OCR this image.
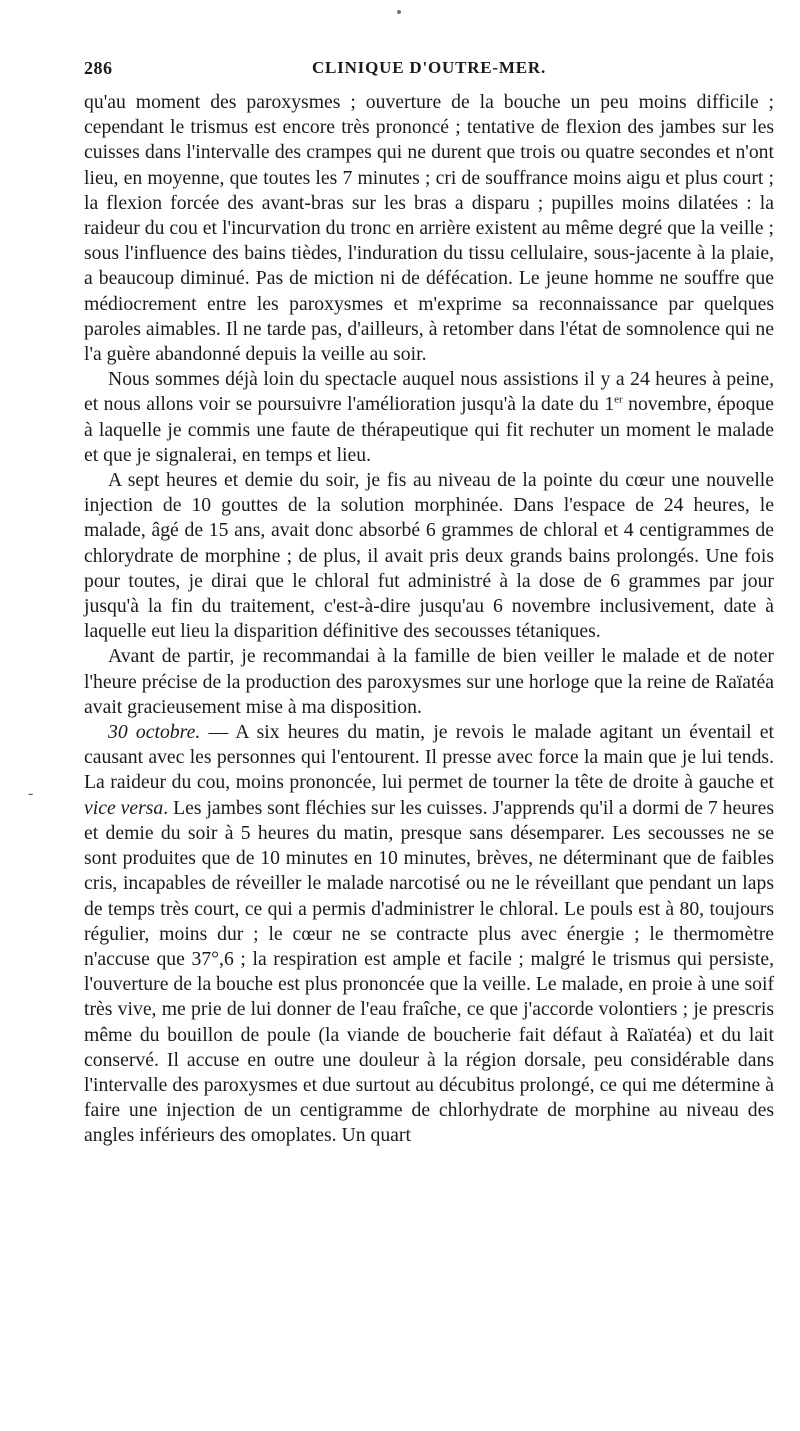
-
286	CLINIQUE D'OUTRE-MER.

qu'au moment des paroxysmes ; ouverture de la bouche un peu moins difficile ; cependant le trismus est encore très prononcé ; tentative de flexion des jambes sur les cuisses dans l'intervalle des crampes qui ne durent que trois ou quatre secondes et n'ont lieu, en moyenne, que toutes les 7 minutes ; cri de souffrance moins aigu et plus court ; la flexion forcée des avant-bras sur les bras a disparu ; pupilles moins dilatées : la raideur du cou et l'incurvation du tronc en arrière existent au même degré que la veille ; sous l'influence des bains tièdes, l'induration du tissu cellulaire, sous-jacente à la plaie, a beaucoup diminué. Pas de miction ni de défécation. Le jeune homme ne souffre que médiocrement entre les paroxysmes et m'exprime sa reconnaissance par quelques paroles aimables. Il ne tarde pas, d'ailleurs, à retomber dans l'état de somnolence qui ne l'a guère abandonné depuis la veille au soir.

Nous sommes déjà loin du spectacle auquel nous assistions il y a 24 heures à peine, et nous allons voir se poursuivre l'amélioration jusqu'à la date du 1er novembre, époque à laquelle je commis une faute de thérapeutique qui fit rechuter un moment le malade et que je signalerai, en temps et lieu.

A sept heures et demie du soir, je fis au niveau de la pointe du cœur une nouvelle injection de 10 gouttes de la solution morphinée. Dans l'espace de 24 heures, le malade, âgé de 15 ans, avait donc absorbé 6 grammes de chloral et 4 centigrammes de chlorydrate de morphine ; de plus, il avait pris deux grands bains prolongés. Une fois pour toutes, je dirai que le chloral fut administré à la dose de 6 grammes par jour jusqu'à la fin du traitement, c'est-à-dire jusqu'au 6 novembre inclusivement, date à laquelle eut lieu la disparition définitive des secousses tétaniques.

Avant de partir, je recommandai à la famille de bien veiller le malade et de noter l'heure précise de la production des paroxysmes sur une horloge que la reine de Raïatéa avait gracieusement mise à ma disposition.

30 octobre. — A six heures du matin, je revois le malade agitant un éventail et causant avec les personnes qui l'entourent. Il presse avec force la main que je lui tends. La raideur du cou, moins prononcée, lui permet de tourner la tête de droite à gauche et vice versa. Les jambes sont fléchies sur les cuisses. J'apprends qu'il a dormi de 7 heures et demie du soir à 5 heures du matin, presque sans désemparer. Les secousses ne se sont produites que de 10 minutes en 10 minutes, brèves, ne déterminant que de faibles cris, incapables de réveiller le malade narcotisé ou ne le réveillant que pendant un laps de temps très court, ce qui a permis d'administrer le chloral. Le pouls est à 80, toujours régulier, moins dur ; le cœur ne se contracte plus avec énergie ; le thermomètre n'accuse que 37°,6 ; la respiration est ample et facile ; malgré le trismus qui persiste, l'ouverture de la bouche est plus prononcée que la veille. Le malade, en proie à une soif très vive, me prie de lui donner de l'eau fraîche, ce que j'accorde volontiers ; je prescris même du bouillon de poule (la viande de boucherie fait défaut à Raïatéa) et du lait conservé. Il accuse en outre une douleur à la région dorsale, peu considérable dans l'intervalle des paroxysmes et due surtout au décubitus prolongé, ce qui me détermine à faire une injection de un centigramme de chlorhydrate de morphine au niveau des angles inférieurs des omoplates. Un quart
